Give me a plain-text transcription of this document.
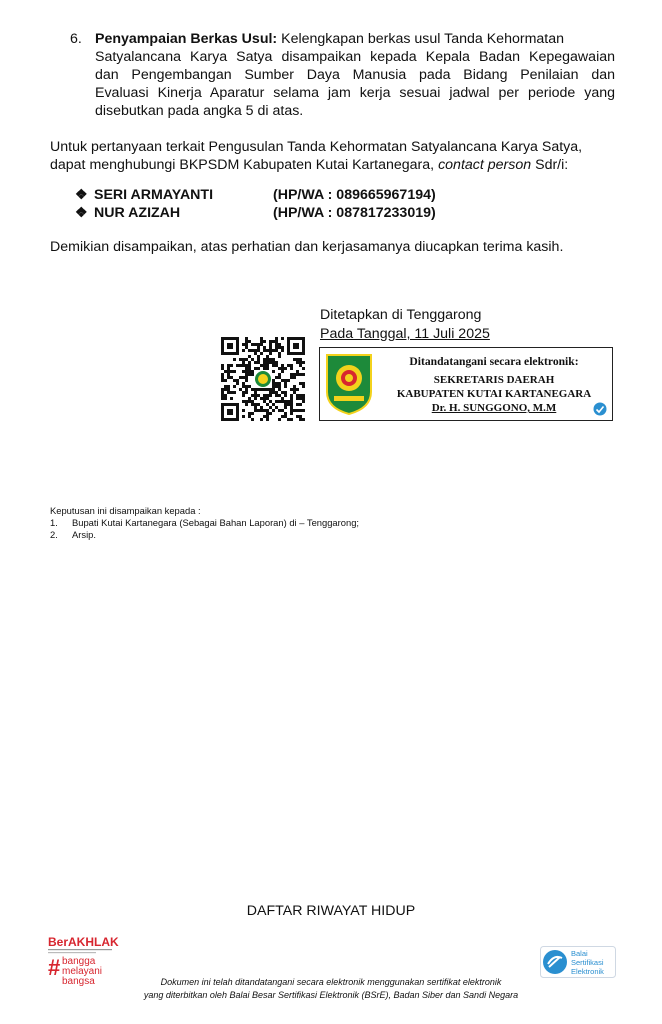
6. Penyampaian Berkas Usul: Kelengkapan berkas usul Tanda Kehormatan
Satyalancana Karya Satya disampaikan kepada Kepala Badan Kepegawaian
dan Pengembangan Sumber Daya Manusia pada Bidang Penilaian dan
Evaluasi Kinerja Aparatur selama jam kerja sesuai jadwal per periode yang
disebutkan pada angka 5 di atas.
Untuk pertanyaan terkait Pengusulan Tanda Kehormatan Satyalancana Karya Satya,
dapat menghubungi BKPSDM Kabupaten Kutai Kartanegara, contact person Sdr/i:
❖ SERI ARMAYANTI	(HP/WA : 089665967194)
❖ NUR AZIZAH	(HP/WA : 087817233019)
Demikian disampaikan, atas perhatian dan kerjasamanya diucapkan terima kasih.
Ditetapkan di Tenggarong
Pada Tanggal, 11 Juli 2025
Ditandatangani secara elektronik:
SEKRETARIS DAERAH
KABUPATEN KUTAI KARTANEGARA
Dr. H. SUNGGONO, M.M
Keputusan ini disampaikan kepada :
1. Bupati Kutai Kartanegara (Sebagai Bahan Laporan) di – Tenggarong;
2. Arsip.
DAFTAR RIWAYAT HIDUP
BerAKHLAK
# bangga
melayani
bangsa
Balai
Sertifikasi
Elektronik
Dokumen ini telah ditandatangani secara elektronik menggunakan sertifikat elektronik
yang diterbitkan oleh Balai Besar Sertifikasi Elektronik (BSrE), Badan Siber dan Sandi Negara
